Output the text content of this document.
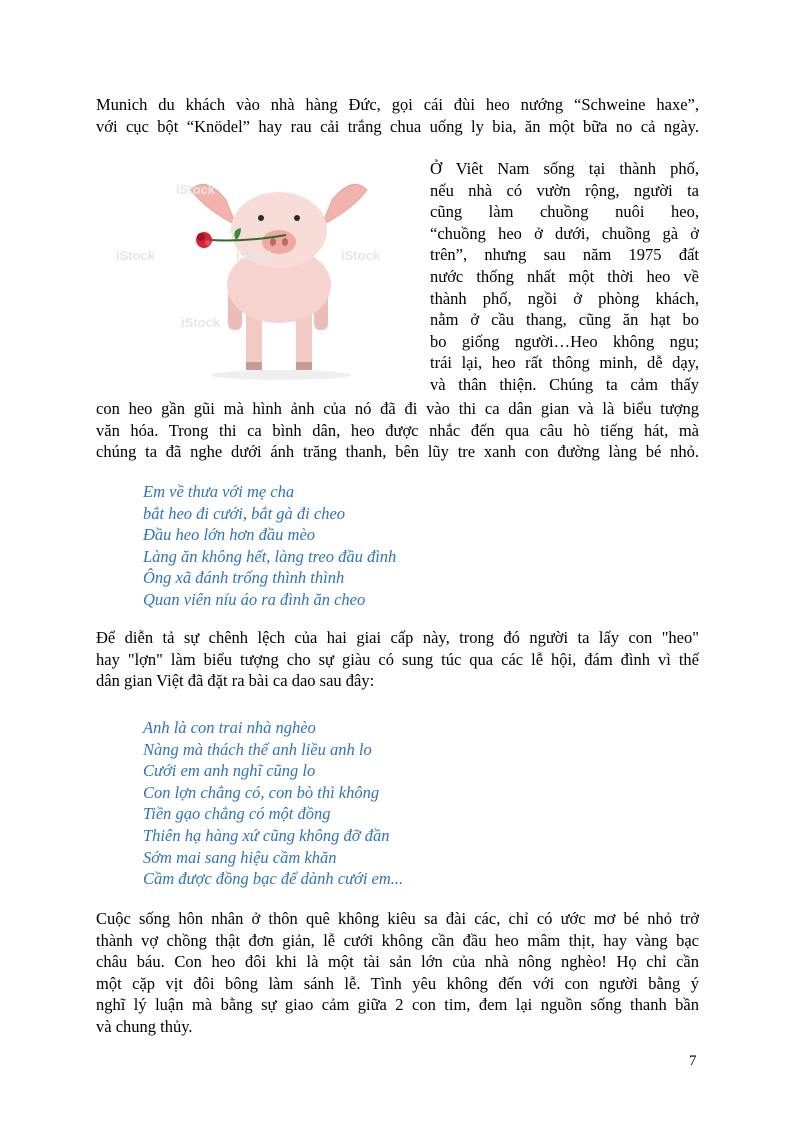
Munich du khách vào nhà hàng Đức, gọi cái đùi heo nướng “Schweine haxe”,
với cục bột “Knödel” hay rau cải trắng chua uống ly bia, ăn một bữa no cả ngày.
iStock
iStock	iStock	iStock
iStock
Ở Viêt Nam sống tại thành phố,
nếu nhà có vườn rộng, người ta
cũng làm chuồng nuôi heo,
“chuồng heo ở dưới, chuồng gà ở
trên”, nhưng sau năm 1975 đất
nước thống nhất một thời heo về
thành phố, ngồi ở phòng khách,
nằm ở cầu thang, cũng ăn hạt bo
bo giống người…Heo không ngu;
trái lại, heo rất thông minh, dễ dạy,
và thân thiện. Chúng ta cảm thấy
con heo gần gũi mà hình ảnh của nó đã đi vào thi ca dân gian và là biểu tượng
văn hóa. Trong thi ca bình dân, heo được nhắc đến qua câu hò tiếng hát, mà
chúng ta đã nghe dưới ánh trăng thanh, bên lũy tre xanh con đường làng bé nhỏ.
Em về thưa với mẹ cha
bắt heo đi cưới, bắt gà đi cheo
Đầu heo lớn hơn đầu mèo
Làng ăn không hết, làng treo đầu đình
Ông xã đánh trống thình thình
Quan viên níu áo ra đình ăn cheo
Để diễn tả sự chênh lệch của hai giai cấp này, trong đó người ta lấy con "heo"
hay "lợn" làm biểu tượng cho sự giàu có sung túc qua các lễ hội, đám đình vì thế
dân gian Việt đã đặt ra bài ca dao sau đây:
Anh là con trai nhà nghèo
Nàng mà thách thế anh liều anh lo
Cưới em anh nghĩ cũng lo
Con lợn chẳng có, con bò thì không
Tiền gạo chẳng có một đồng
Thiên hạ hàng xứ cũng không đỡ đần
Sớm mai sang hiệu cầm khăn
Cầm được đồng bạc để dành cưới em...
Cuộc sống hôn nhân ở thôn quê không kiêu sa đài các, chỉ có ước mơ bé nhỏ trở
thành vợ chồng thật đơn giản, lễ cưới không cần đầu heo mâm thịt, hay vàng bạc
châu báu. Con heo đôi khi là một tài sản lớn của nhà nông nghèo! Họ chỉ cần
một cặp vịt đôi bông làm sánh lễ. Tình yêu không đến với con người bằng ý
nghĩ lý luận mà bằng sự giao cảm giữa 2 con tim, đem lại nguồn sống thanh bần
và chung thủy.
7
